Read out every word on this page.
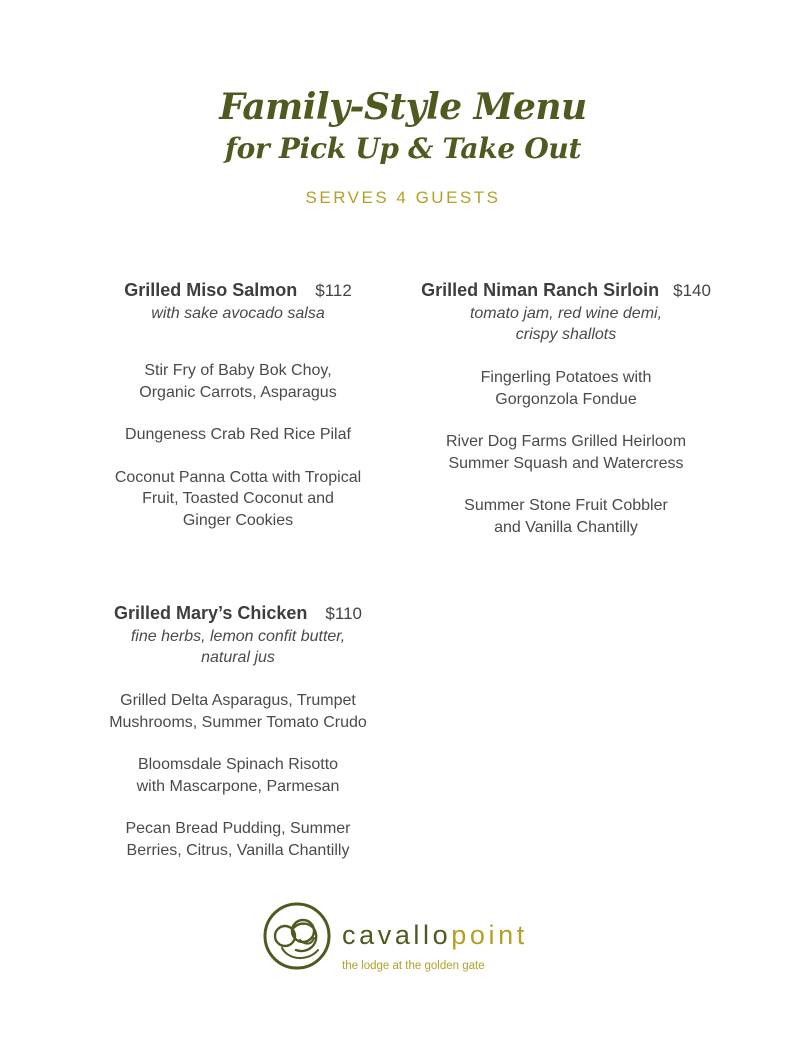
Family-Style Menu
for Pick Up & Take Out
SERVES 4 GUESTS
Grilled Miso Salmon $112
with sake avocado salsa
Stir Fry of Baby Bok Choy,
Organic Carrots, Asparagus
Dungeness Crab Red Rice Pilaf
Coconut Panna Cotta with Tropical
Fruit, Toasted Coconut and
Ginger Cookies
Grilled Niman Ranch Sirloin $140
tomato jam, red wine demi,
crispy shallots
Fingerling Potatoes with
Gorgonzola Fondue
River Dog Farms Grilled Heirloom
Summer Squash and Watercress
Summer Stone Fruit Cobbler
and Vanilla Chantilly
Grilled Mary’s Chicken $110
fine herbs, lemon confit butter,
natural jus
Grilled Delta Asparagus, Trumpet
Mushrooms, Summer Tomato Crudo
Bloomsdale Spinach Risotto
with Mascarpone, Parmesan
Pecan Bread Pudding, Summer
Berries, Citrus, Vanilla Chantilly
cavallopoint
the lodge at the golden gate
